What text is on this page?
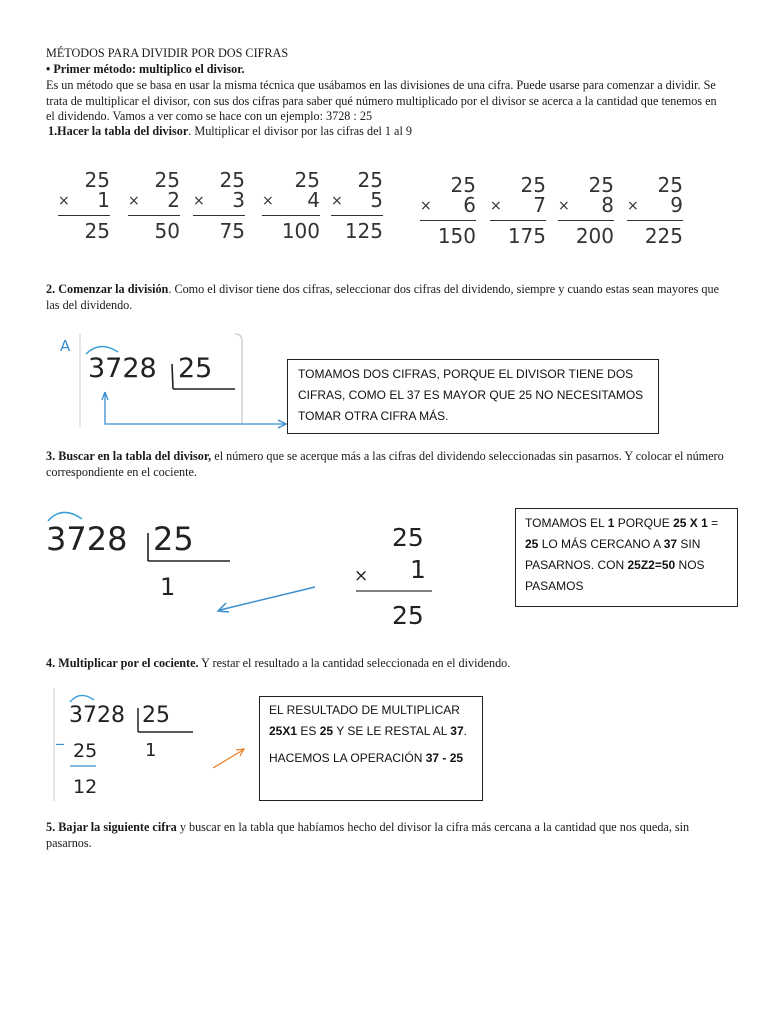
MÉTODOS PARA DIVIDIR POR DOS CIFRAS
• Primer método: multiplico el divisor.
Es un método que se basa en usar la misma técnica que usábamos en las divisiones de una cifra. Puede usarse para comenzar a dividir. Se trata de multiplicar el divisor, con sus dos cifras para saber qué número multiplicado por el divisor se acerca a la cantidad que tenemos en el dividendo. Vamos a ver como se hace con un ejemplo: 3728 : 25
1.Hacer la tabla del divisor. Multiplicar el divisor por las cifras del 1 al 9
25
× 1
25
25
× 2
50
25
× 3
75
25
× 4
100
25
× 5
125
25
× 6
150
25
× 7
175
25
× 8
200
25
× 9
225
2. Comenzar la división. Como el divisor tiene dos cifras, seleccionar dos cifras del dividendo, siempre y cuando estas sean mayores que las del dividendo.
A
3728 25	TOMAMOS DOS CIFRAS, PORQUE EL DIVISOR TIENE DOS CIFRAS, COMO EL 37 ES MAYOR QUE 25 NO NECESITAMOS TOMAR OTRA CIFRA MÁS.
3. Buscar en la tabla del divisor, el número que se acerque más a las cifras del dividendo seleccionadas sin pasarnos. Y colocar el número correspondiente en el cociente.
3728 25
1
25
× 1
25
TOMAMOS EL 1 PORQUE 25 X 1 = 25 LO MÁS CERCANO A 37 SIN PASARNOS. CON 25Z2=50 NOS PASAMOS
4. Multiplicar por el cociente. Y restar el resultado a la cantidad seleccionada en el dividendo.
_
3728 25
1
25
12
EL RESULTADO DE MULTIPLICAR 25X1 ES 25 Y SE LE RESTAL AL 37.
HACEMOS LA OPERACIÓN 37 - 25
5. Bajar la siguiente cifra y buscar en la tabla que habíamos hecho del divisor la cifra más cercana a la cantidad que nos queda, sin pasarnos.
